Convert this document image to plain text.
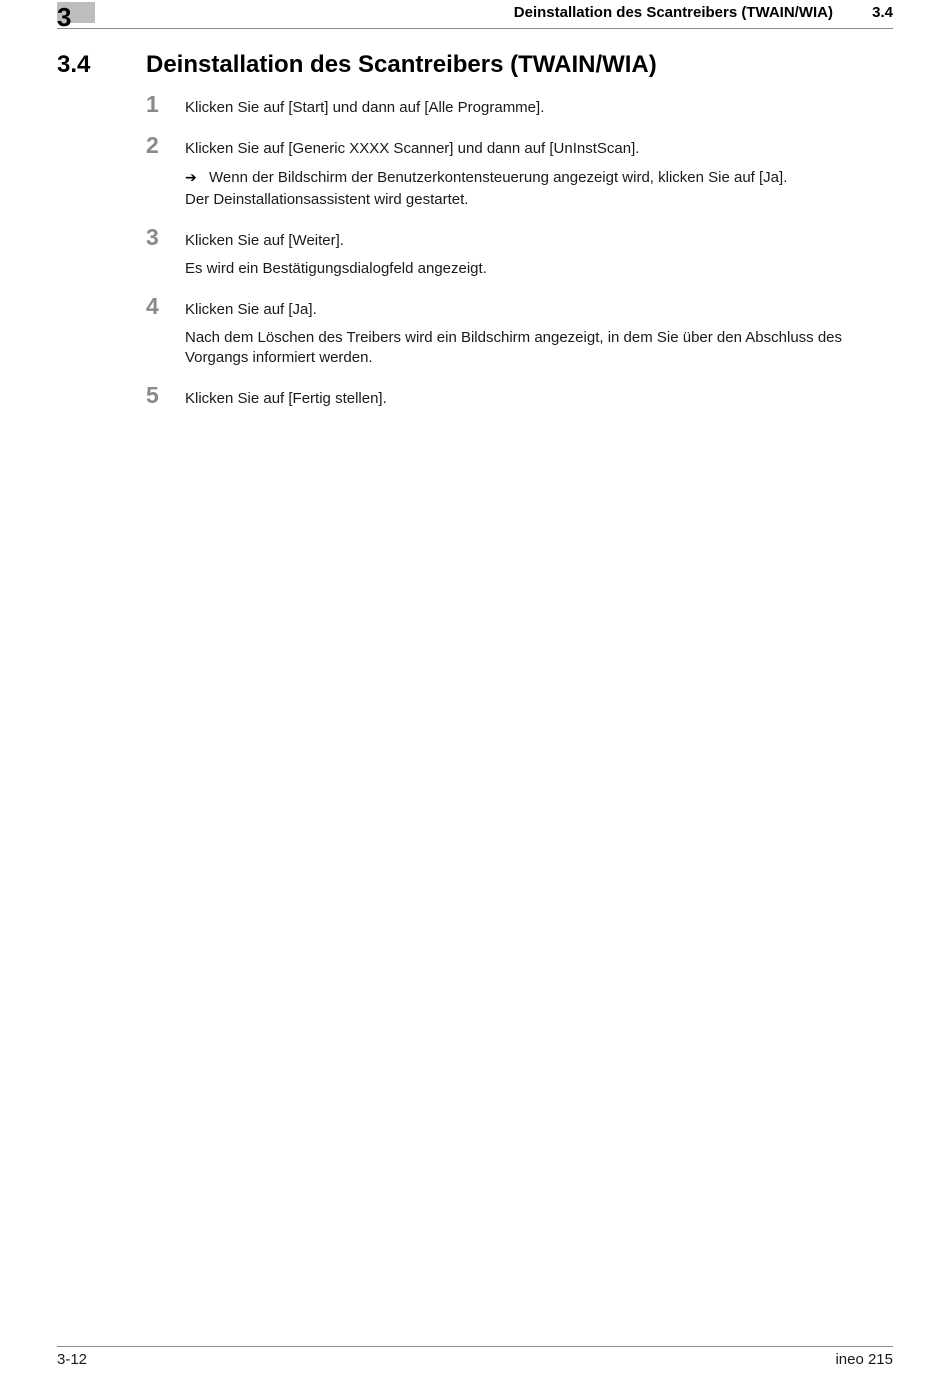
3	Deinstallation des Scantreibers (TWAIN/WIA)	3.4
3.4 Deinstallation des Scantreibers (TWAIN/WIA)
1 Klicken Sie auf [Start] und dann auf [Alle Programme].
2 Klicken Sie auf [Generic XXXX Scanner] und dann auf [UnInstScan].
➔ Wenn der Bildschirm der Benutzerkontensteuerung angezeigt wird, klicken Sie auf [Ja].
Der Deinstallationsassistent wird gestartet.
3 Klicken Sie auf [Weiter].
Es wird ein Bestätigungsdialogfeld angezeigt.
4 Klicken Sie auf [Ja].
Nach dem Löschen des Treibers wird ein Bildschirm angezeigt, in dem Sie über den Abschluss des Vorgangs informiert werden.
5 Klicken Sie auf [Fertig stellen].
3-12	ineo 215
